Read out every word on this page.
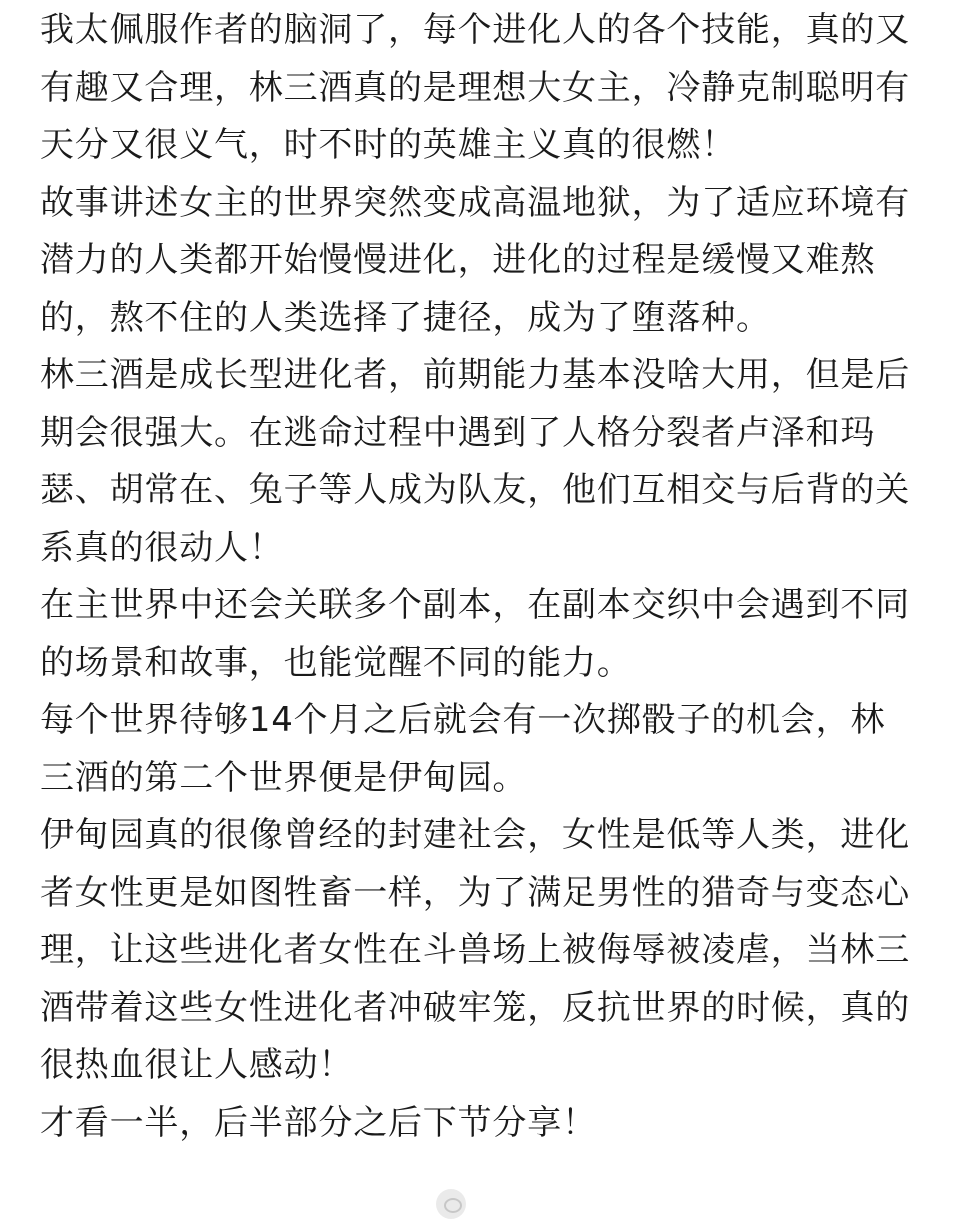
我太佩服作者的脑洞了，每个进化人的各个技能，真的又有趣又合理，林三酒真的是理想大女主，冷静克制聪明有天分又很义气，时不时的英雄主义真的很燃！

故事讲述女主的世界突然变成高温地狱，为了适应环境有潜力的人类都开始慢慢进化，进化的过程是缓慢又难熬的，熬不住的人类选择了捷径，成为了堕落种。

林三酒是成长型进化者，前期能力基本没啥大用，但是后期会很强大。在逃命过程中遇到了人格分裂者卢泽和玛瑟、胡常在、兔子等人成为队友，他们互相交与后背的关系真的很动人！

在主世界中还会关联多个副本，在副本交织中会遇到不同的场景和故事，也能觉醒不同的能力。

每个世界待够14个月之后就会有一次掷骰子的机会，林三酒的第二个世界便是伊甸园。

伊甸园真的很像曾经的封建社会，女性是低等人类，进化者女性更是如图牲畜一样，为了满足男性的猎奇与变态心理，让这些进化者女性在斗兽场上被侮辱被凌虐，当林三酒带着这些女性进化者冲破牢笼，反抗世界的时候，真的很热血很让人感动！

才看一半，后半部分之后下节分享！
